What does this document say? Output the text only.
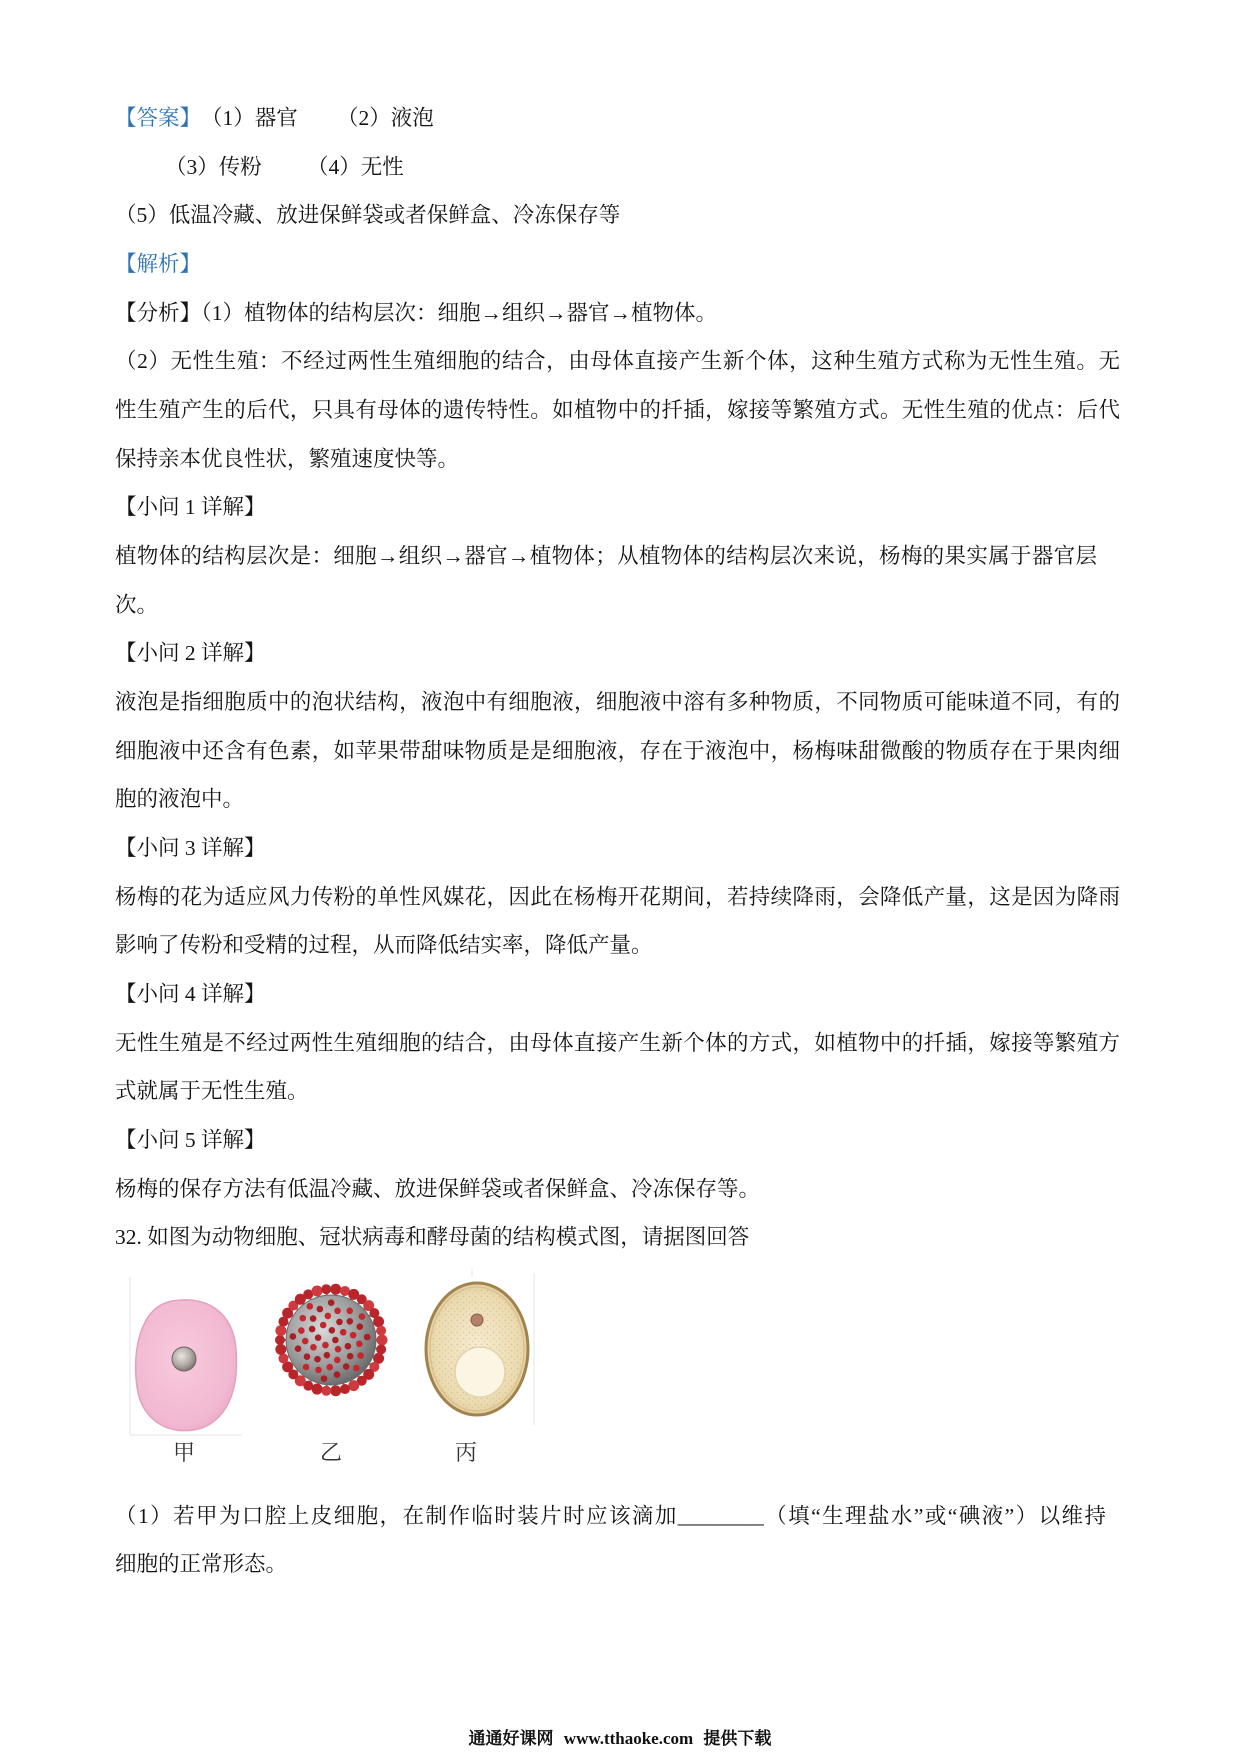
【答案】 （1）器官 （2）液泡
（3）传粉 （4）无性
（5）低温冷藏、放进保鲜袋或者保鲜盒、冷冻保存等
【解析】
【分析】（1）植物体的结构层次：细胞→组织→器官→植物体。
（2）无性生殖：不经过两性生殖细胞的结合，由母体直接产生新个体，这种生殖方式称为无性生殖。无
性生殖产生的后代，只具有母体的遗传特性。如植物中的扦插，嫁接等繁殖方式。无性生殖的优点：后代
保持亲本优良性状，繁殖速度快等。
【小问 1 详解】
植物体的结构层次是：细胞→组织→器官→植物体；从植物体的结构层次来说，杨梅的果实属于器官层
次。
【小问 2 详解】
液泡是指细胞质中的泡状结构，液泡中有细胞液，细胞液中溶有多种物质，不同物质可能味道不同，有的
细胞液中还含有色素，如苹果带甜味物质是是细胞液，存在于液泡中，杨梅味甜微酸的物质存在于果肉细
胞的液泡中。
【小问 3 详解】
杨梅的花为适应风力传粉的单性风媒花，因此在杨梅开花期间，若持续降雨，会降低产量，这是因为降雨
影响了传粉和受精的过程，从而降低结实率，降低产量。
【小问 4 详解】
无性生殖是不经过两性生殖细胞的结合，由母体直接产生新个体的方式，如植物中的扦插，嫁接等繁殖方
式就属于无性生殖。
【小问 5 详解】
杨梅的保存方法有低温冷藏、放进保鲜袋或者保鲜盒、冷冻保存等。
32. 如图为动物细胞、冠状病毒和酵母菌的结构模式图，请据图回答
甲	乙	丙
（1）若甲为口腔上皮细胞，在制作临时装片时应该滴加________（填“生理盐水”或“碘液”）以维持
细胞的正常形态。
通通好课网 www.tthaoke.com 提供下载
